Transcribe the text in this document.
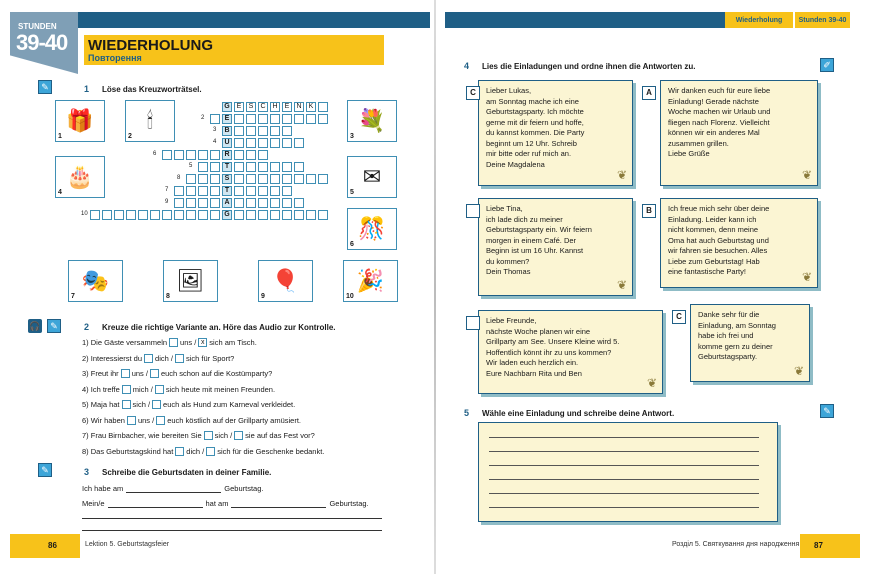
Wiederholung	Stunden 39-40
STUNDEN
39-40 WIEDERHOLUNG
Повторення
✎	1 Löse das Kreuzworträtsel.
G E	S	C H	E	N	K
E
2
B
3
U
4
R
6
T
5
S
8
T
7
A
9
G
10
🎁
1
🕯
2
💐
3
🎂
4
✉
5
🎊
6
🎭
7
🖼
8
🎈
9
🎉
10
🎧	✎	2 Kreuze die richtige Variante an. Höre das Audio zur Kontrolle.
1) Die Gäste versammeln uns / x sich am Tisch.
2) Interessierst du dich / sich für Sport?
3) Freut ihr uns / euch schon auf die Kostümparty?
4) Ich treffe mich / sich heute mit meinen Freunden.
5) Maja hat sich / euch als Hund zum Karneval verkleidet.
6) Wir haben uns / euch köstlich auf der Grillparty amüsiert.
7) Frau Birnbacher, wie bereiten Sie sich / sie auf das Fest vor?
8) Das Geburtstagskind hat dich / sich für die Geschenke bedankt.
✎	3 Schreibe die Geburtsdaten in deiner Familie.
Ich habe am	Geburtstag.
Mein/e	hat am	Geburtstag.
4 Lies die Einladungen und ordne ihnen die Antworten zu.	✐
C	Lieber Lukas,
am Sonntag mache ich eine
Geburtstagsparty. Ich möchte
gerne mit dir feiern und hoffe,
du kannst kommen. Die Party
beginnt um 12 Uhr. Schreib
mir bitte oder ruf mich an.
Deine Magdalena
❦
Liebe Tina,
ich lade dich zu meiner
Geburtstagsparty ein. Wir feiern
morgen in einem Café. Der
Beginn ist um 16 Uhr. Kannst
du kommen?
Dein Thomas
❦
Liebe Freunde,
nächste Woche planen wir eine
Grillparty am See. Unsere Kleine wird 5.
Hoffentlich könnt ihr zu uns kommen?
Wir laden euch herzlich ein.
Eure Nachbarn Rita und Ben
❦
A	Wir danken euch für eure liebe
Einladung! Gerade nächste
Woche machen wir Urlaub und
fliegen nach Florenz. Vielleicht
können wir ein anderes Mal
zusammen grillen.
Liebe Grüße
❦
B	Ich freue mich sehr über deine
Einladung. Leider kann ich
nicht kommen, denn meine
Oma hat auch Geburtstag und
wir fahren sie besuchen. Alles
Liebe zum Geburtstag! Hab
eine fantastische Party!	❦
C	Danke sehr für die
Einladung, am Sonntag
habe ich frei und
komme gern zu deiner
Geburtstagsparty.
❦
5 Wähle eine Einladung und schreibe deine Antwort.	✎
86	Lektion 5. Geburtstagsfeier	Розділ 5. Святкування дня народження 87
